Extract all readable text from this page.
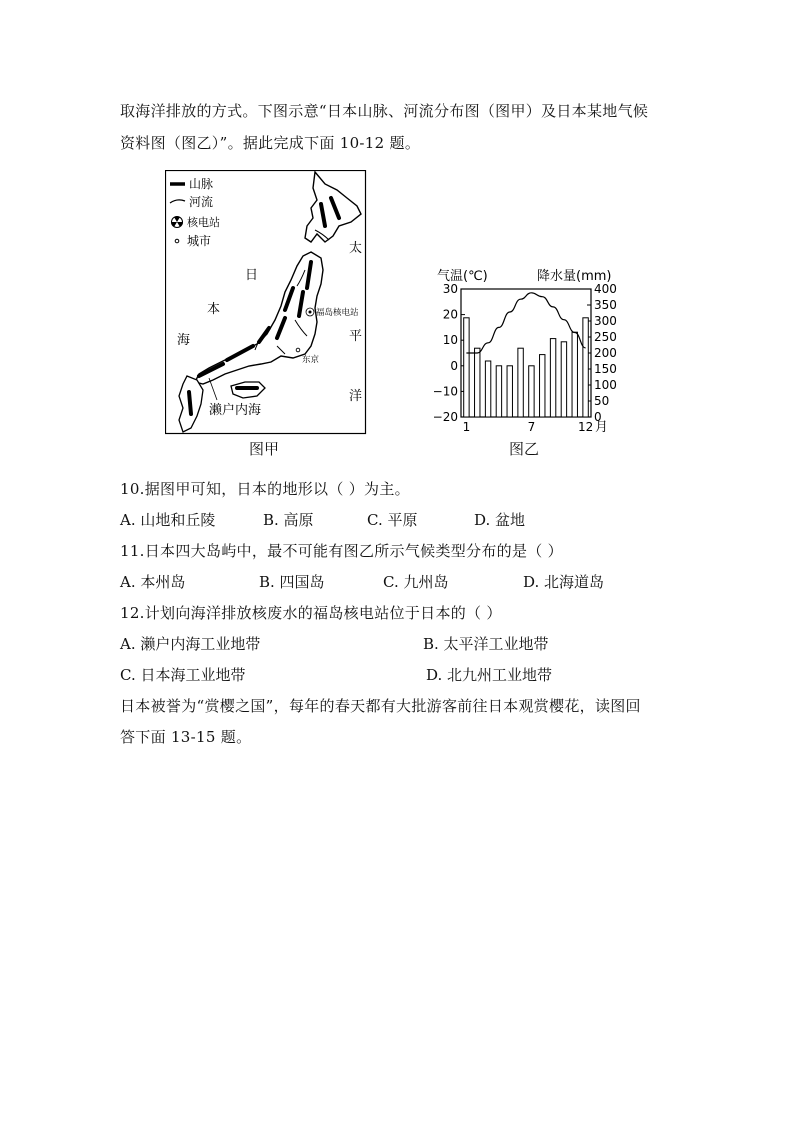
取海洋排放的方式。下图示意“日本山脉、河流分布图（图甲）及日本某地气候
资料图（图乙）”。据此完成下面 10-12 题。
山脉
河流
核电站
城市
日
本
海
太
平
洋
福岛核电站
东京
濑户内海
图甲
气温(℃)	降水量(mm)
30
20
10
0
−10
−20
400
350
300
250
200
150
100
50
0
1	7	12 月
图乙
10.据图甲可知，日本的地形以（ ）为主。
A. 山地和丘陵	B. 高原	C. 平原	D. 盆地
11.日本四大岛屿中，最不可能有图乙所示气候类型分布的是（ ）
A. 本州岛	B. 四国岛	C. 九州岛	D. 北海道岛
12.计划向海洋排放核废水的福岛核电站位于日本的（ ）
A. 濑户内海工业地带	B. 太平洋工业地带
C. 日本海工业地带	D. 北九州工业地带
日本被誉为“赏樱之国”，每年的春天都有大批游客前往日本观赏樱花，读图回
答下面 13-15 题。
